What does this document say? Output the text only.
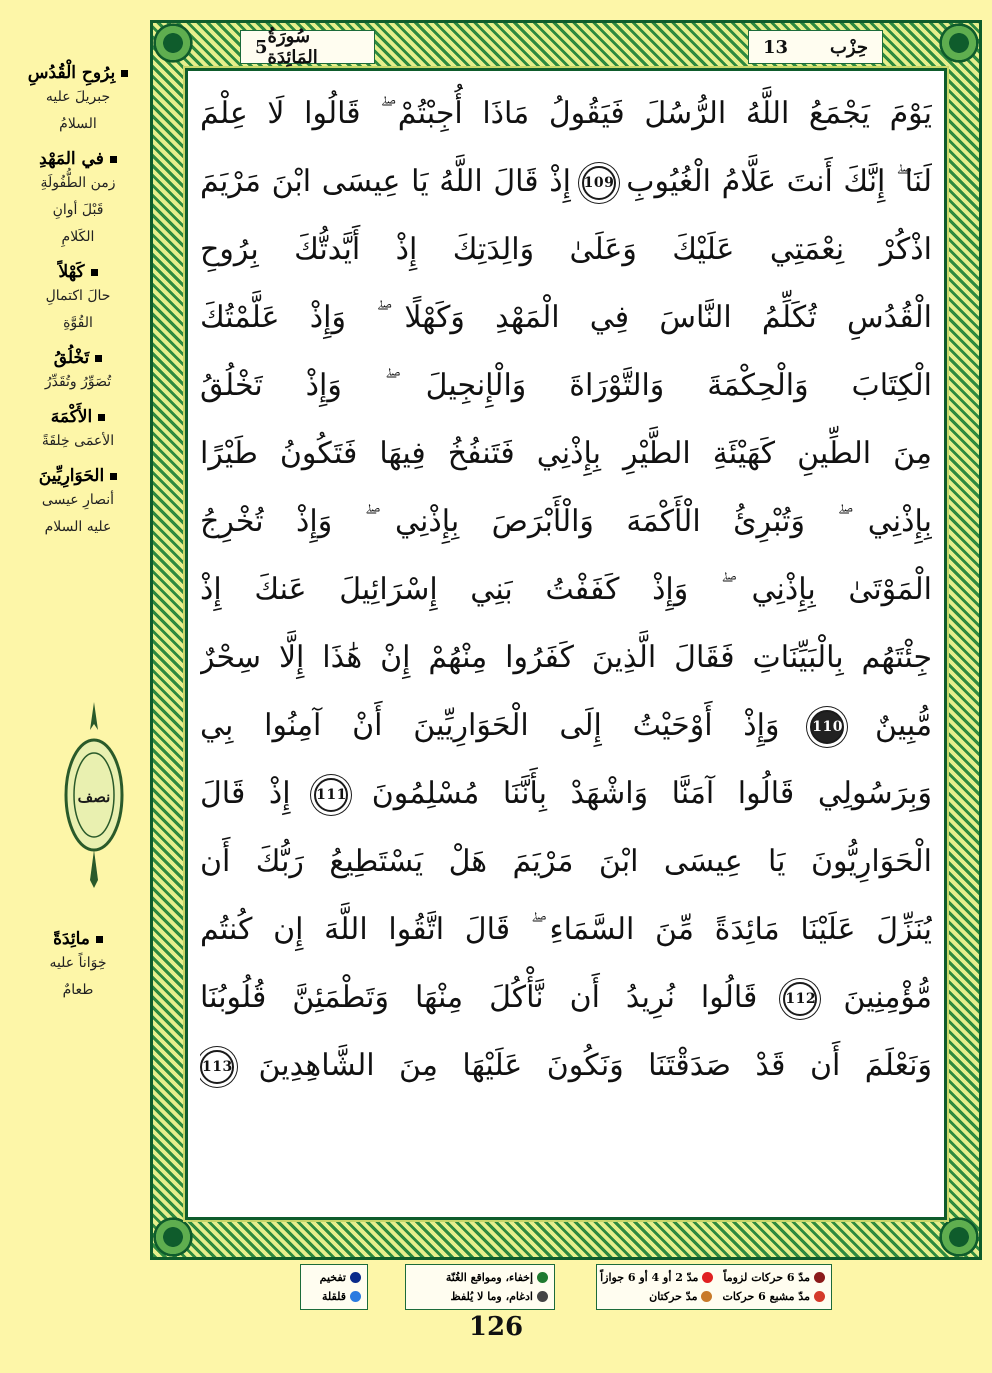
5 سُورَةُ المَائِدَة	حِزْب
13
بِرُوحِ الْقُدُسِ
جبريلَ عليه
السلامُ
في المَهْدِ
زمن الطُّفُولَةِ
قَبْلَ أوانِ
الكَلامِ
كَهْلاً
حالَ اكتمالِ
القُوَّةِ
تَخْلُقُ
تُصَوِّرُ وتُقَدِّرُ
الأَكْمَهَ
الأعمَى خِلقَةً
الحَوَارِيِّينَ
أنصارِ عيسى
عليه السلام
نصف
مائِدَةً
خِوَاناً عليه
طعامٌ
يَوْمَ يَجْمَعُ اللَّهُ الرُّسُلَ فَيَقُولُ مَاذَا أُجِبْتُمْ ۖ قَالُوا لَا عِلْمَ
لَنَا ۖ إِنَّكَ أَنتَ عَلَّامُ الْغُيُوبِ 109 إِذْ قَالَ اللَّهُ يَا عِيسَى ابْنَ مَرْيَمَ
اذْكُرْ نِعْمَتِي عَلَيْكَ وَعَلَىٰ وَالِدَتِكَ إِذْ أَيَّدتُّكَ بِرُوحِ
الْقُدُسِ تُكَلِّمُ النَّاسَ فِي الْمَهْدِ وَكَهْلًا ۖ وَإِذْ عَلَّمْتُكَ
الْكِتَابَ وَالْحِكْمَةَ وَالتَّوْرَاةَ وَالْإِنجِيلَ ۖ وَإِذْ تَخْلُقُ
مِنَ الطِّينِ كَهَيْئَةِ الطَّيْرِ بِإِذْنِي فَتَنفُخُ فِيهَا فَتَكُونُ طَيْرًا
بِإِذْنِي ۖ وَتُبْرِئُ الْأَكْمَهَ وَالْأَبْرَصَ بِإِذْنِي ۖ وَإِذْ تُخْرِجُ
الْمَوْتَىٰ بِإِذْنِي ۖ وَإِذْ كَفَفْتُ بَنِي إِسْرَائِيلَ عَنكَ إِذْ
جِئْتَهُم بِالْبَيِّنَاتِ فَقَالَ الَّذِينَ كَفَرُوا مِنْهُمْ إِنْ هَٰذَا إِلَّا سِحْرٌ
مُّبِينٌ 110 وَإِذْ أَوْحَيْتُ إِلَى الْحَوَارِيِّينَ أَنْ آمِنُوا بِي
وَبِرَسُولِي قَالُوا آمَنَّا وَاشْهَدْ بِأَنَّنَا مُسْلِمُونَ 111 إِذْ قَالَ
الْحَوَارِيُّونَ يَا عِيسَى ابْنَ مَرْيَمَ هَلْ يَسْتَطِيعُ رَبُّكَ أَن
يُنَزِّلَ عَلَيْنَا مَائِدَةً مِّنَ السَّمَاءِ ۖ قَالَ اتَّقُوا اللَّهَ إِن كُنتُم
مُّؤْمِنِينَ 112 قَالُوا نُرِيدُ أَن نَّأْكُلَ مِنْهَا وَتَطْمَئِنَّ قُلُوبُنَا
وَنَعْلَمَ أَن قَدْ صَدَقْتَنَا وَنَكُونَ عَلَيْهَا مِنَ الشَّاهِدِينَ 113
مدّ 6 حركات لزوماً
مدّ 2 أو 4 أو 6 جوازاً
مدّ مشبع 6 حركات
مدّ حركتان
إخفاء، ومواقع الغُنّة
ادغام، وما لا يُلفظ
تفخيم
قلقلة
126
